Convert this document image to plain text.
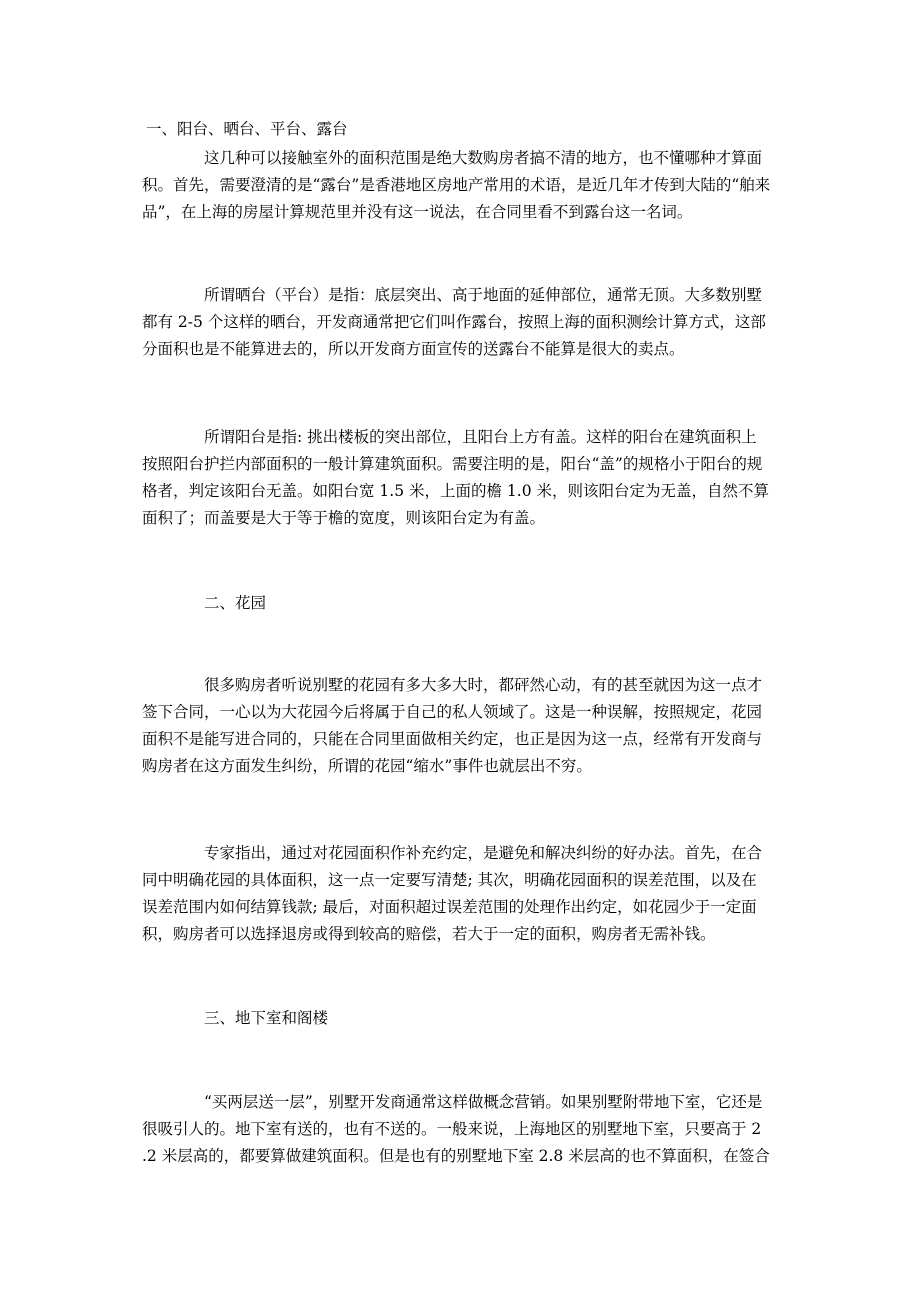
一、阳台、晒台、平台、露台
这几种可以接触室外的面积范围是绝大数购房者搞不清的地方，也不懂哪种才算面
积。首先，需要澄清的是“露台”是香港地区房地产常用的术语，是近几年才传到大陆的“舶来
品”，在上海的房屋计算规范里并没有这一说法，在合同里看不到露台这一名词。
所谓晒台（平台）是指：底层突出、高于地面的延伸部位，通常无顶。大多数别墅
都有 2-5 个这样的晒台，开发商通常把它们叫作露台，按照上海的面积测绘计算方式，这部
分面积也是不能算进去的，所以开发商方面宣传的送露台不能算是很大的卖点。
所谓阳台是指: 挑出楼板的突出部位，且阳台上方有盖。这样的阳台在建筑面积上
按照阳台护拦内部面积的一般计算建筑面积。需要注明的是，阳台“盖”的规格小于阳台的规
格者，判定该阳台无盖。如阳台宽 1.5 米，上面的檐 1.0 米，则该阳台定为无盖，自然不算
面积了；而盖要是大于等于檐的宽度，则该阳台定为有盖。
二、花园
很多购房者听说别墅的花园有多大多大时，都砰然心动，有的甚至就因为这一点才
签下合同，一心以为大花园今后将属于自己的私人领域了。这是一种误解，按照规定，花园
面积不是能写进合同的，只能在合同里面做相关约定，也正是因为这一点，经常有开发商与
购房者在这方面发生纠纷，所谓的花园“缩水”事件也就层出不穷。
专家指出，通过对花园面积作补充约定，是避免和解决纠纷的好办法。首先，在合
同中明确花园的具体面积，这一点一定要写清楚; 其次，明确花园面积的误差范围，以及在
误差范围内如何结算钱款; 最后，对面积超过误差范围的处理作出约定，如花园少于一定面
积，购房者可以选择退房或得到较高的赔偿，若大于一定的面积，购房者无需补钱。
三、地下室和阁楼
“买两层送一层”，别墅开发商通常这样做概念营销。如果别墅附带地下室，它还是
很吸引人的。地下室有送的，也有不送的。一般来说，上海地区的别墅地下室，只要高于 2
.2 米层高的，都要算做建筑面积。但是也有的别墅地下室 2.8 米层高的也不算面积，在签合
